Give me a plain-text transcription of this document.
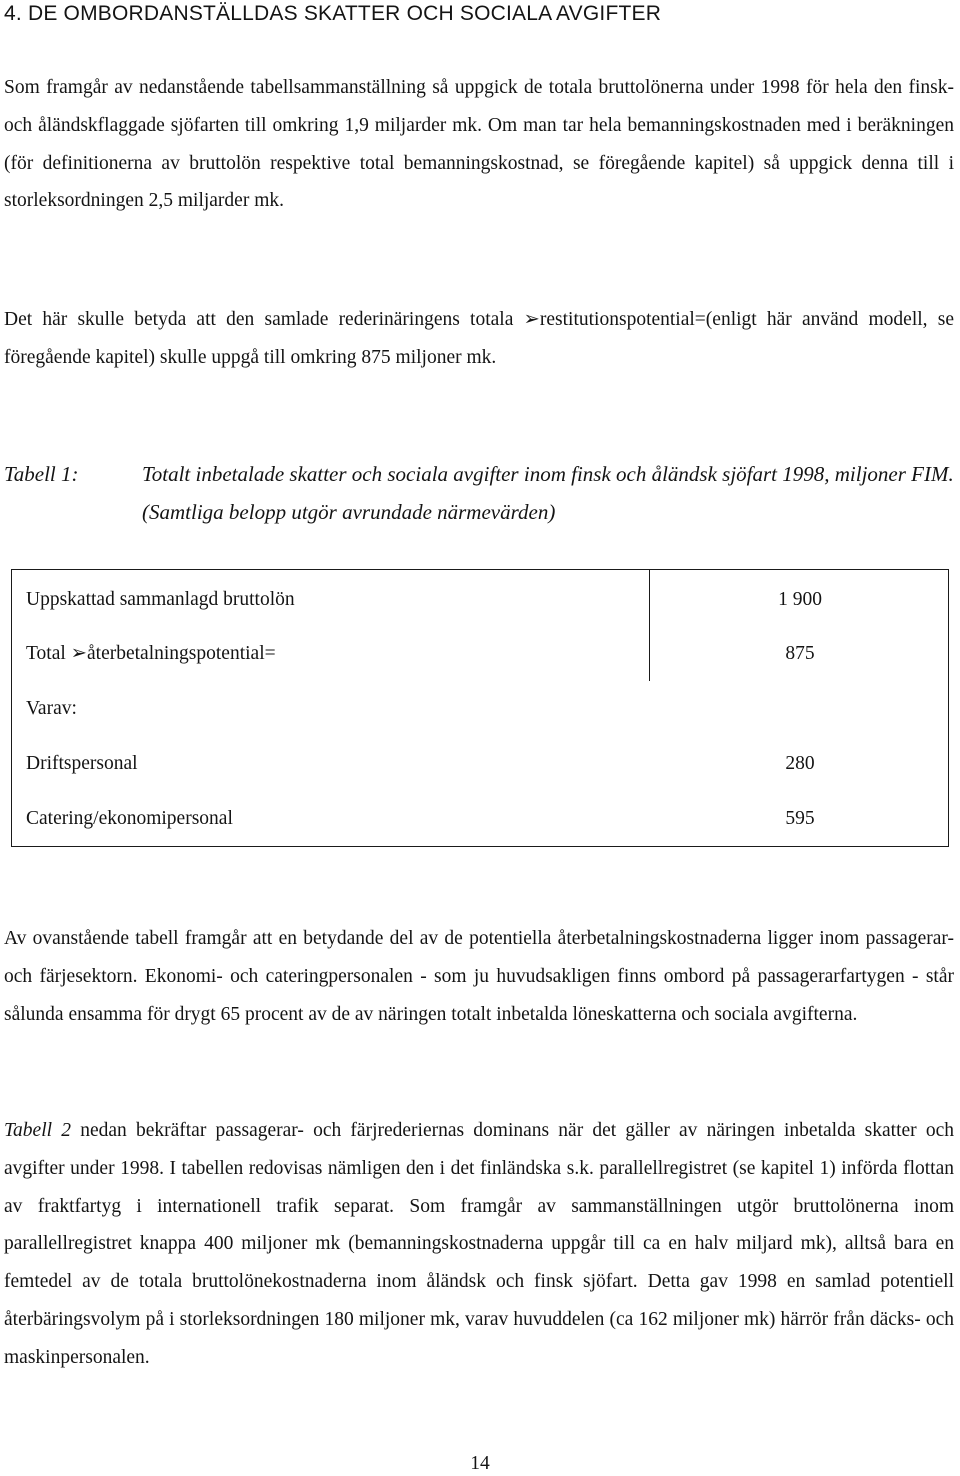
4. DE OMBORDANSTÄLLDAS SKATTER OCH SOCIALA AVGIFTER

Som framgår av nedanstående tabellsammanställning så uppgick de totala bruttolönerna under 1998 för hela den finsk- och åländskflaggade sjöfarten till omkring 1,9 miljarder mk. Om man tar hela bemanningskostnaden med i beräkningen (för definitionerna av bruttolön respektive total bemanningskostnad, se föregående kapitel) så uppgick denna till i storleksordningen 2,5 miljarder mk.

Det här skulle betyda att den samlade rederinäringens totala ➢restitutionspotential=(enligt här använd modell, se föregående kapitel) skulle uppgå till omkring 875 miljoner mk.

Tabell 1:	Totalt inbetalade skatter och sociala avgifter inom finsk och åländsk sjöfart 1998, miljoner FIM. (Samtliga belopp utgör avrundade närmevärden)
Uppskattad sammanlagd bruttolön	1 900
Total ➢återbetalningspotential=	875
Varav:
Driftspersonal	280
Catering/ekonomipersonal	595

Av ovanstående tabell framgår att en betydande del av de potentiella återbetalningskostnaderna ligger inom passagerar- och färjesektorn. Ekonomi- och cateringpersonalen - som ju huvudsakligen finns ombord på passagerarfartygen - står sålunda ensamma för drygt 65 procent av de av näringen totalt inbetalda löneskatterna och sociala avgifterna.

Tabell 2 nedan bekräftar passagerar- och färjrederiernas dominans när det gäller av näringen inbetalda skatter och avgifter under 1998. I tabellen redovisas nämligen den i det finländska s.k. parallellregistret (se kapitel 1) införda flottan av fraktfartyg i internationell trafik separat. Som framgår av sammanställningen utgör bruttolönerna inom parallellregistret knappa 400 miljoner mk (bemanningskostnaderna uppgår till ca en halv miljard mk), alltså bara en femtedel av de totala bruttolönekostnaderna inom åländsk och finsk sjöfart. Detta gav 1998 en samlad potentiell återbäringsvolym på i storleksordningen 180 miljoner mk, varav huvuddelen (ca 162 miljoner mk) härrör från däcks- och maskinpersonalen.

14
